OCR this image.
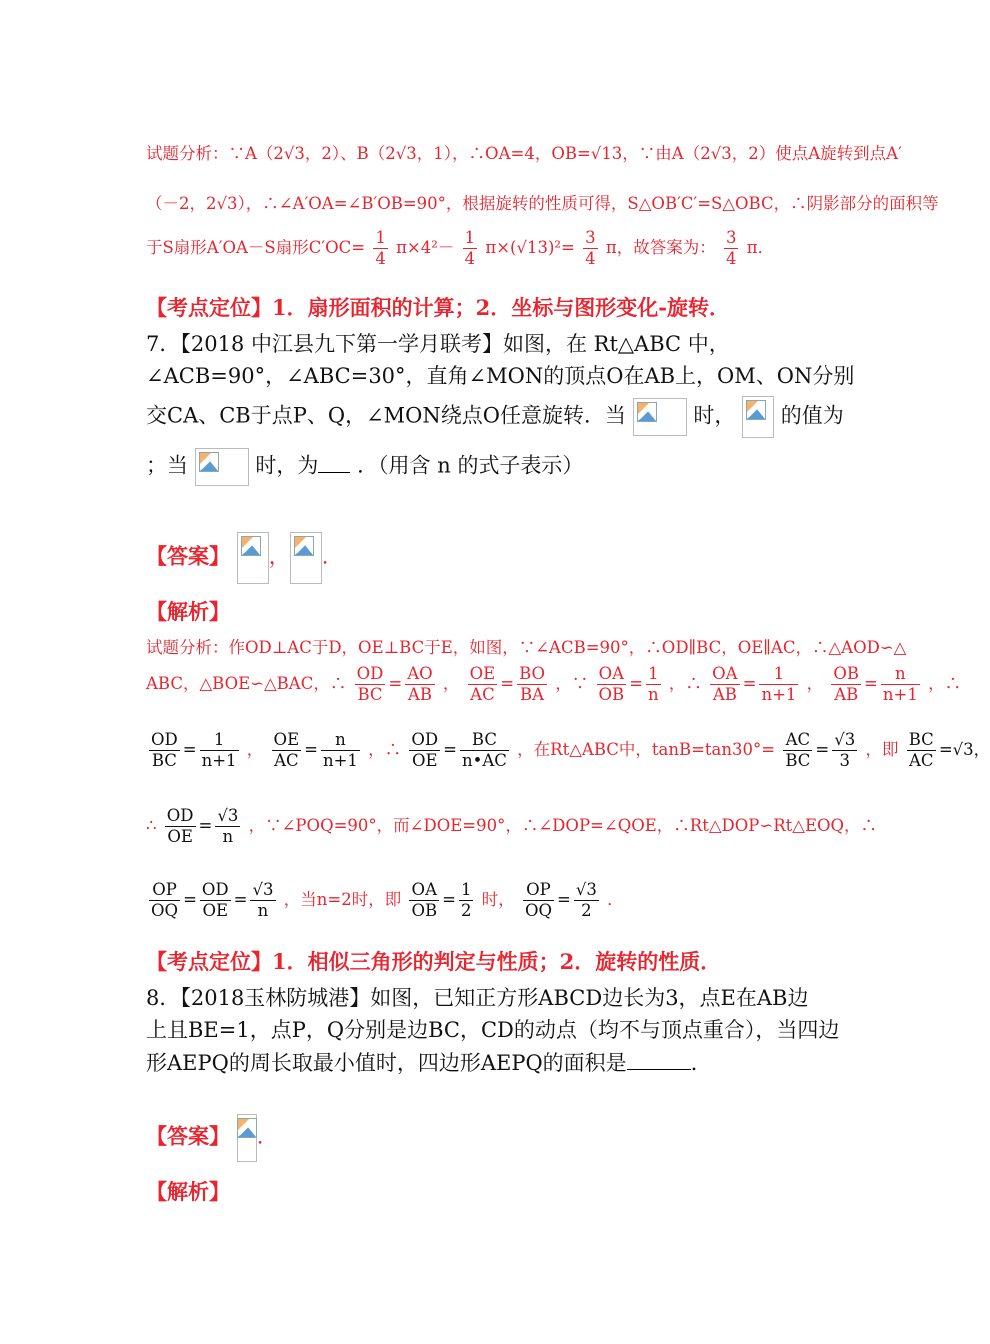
试题分析：∵A（2√3，2）、B（2√3，1），∴OA=4，OB=√13，∵由A（2√3，2）使点A旋转到点A′
（－2，2√3），∴∠A′OA=∠B′OB=90°，根据旋转的性质可得，S△OB′C′=S△OBC，∴阴影部分的面积等
于S扇形A′OA－S扇形$C'OC= \frac{1}{4} \pi\times 4^2- \frac{1}{4} \pi\times(√13)^2= \frac{3}{4}$ π，故答案为： $\frac{3}{4}$ π．
【考点定位】1．扇形面积的计算；2．坐标与图形变化-旋转．
7．【2018 中江县九下第一学月联考】如图，在 Rt△ABC 中，
∠ACB=90°，∠ABC=30°，直角∠MON的顶点O在AB上，OM、ON分别
交CA、CB于点P、Q，∠MON绕点O任意旋转．当	时， 的值为
；当	时，为 ．（用含 n 的式子表示）
【答案】 ， .
【解析】
试题分析：作OD⊥AC于D，OE⊥BC于E，如图，∵∠ACB=90°，∴OD∥BC，OE∥AC，∴△AOD∽△
ABC，△BOE∽△BAC，∴ $\frac{OD}{BC} = \frac{AO}{AB}$ ， $\frac{OE}{AC} = \frac{BO}{BA}$ ，∵ $\frac{OA}{OB} = \frac{1}{n}$ ，∴ $\frac{OA}{AB} = \frac{1}{n+1}$ ， $\frac{OB}{AB} = \frac{n}{n+1}$ ，∴
$\frac{OD}{BC} = \frac{1}{n+1}$ ， $\frac{OE}{AC} = \frac{n}{n+1}$ ，∴ $\frac{OD}{OE} = \frac{BC}{n•AC}$ ，在Rt△ABC中，$\tan B=\tan 30^\circ= \frac{AC}{BC} = \frac{√3}{3}$ ，即 $\frac{BC}{AC} =√3$，
∴ $\frac{OD}{OE} = \frac{√3}{n}$ ，∵∠POQ=90°，而∠DOE=90°，∴∠DOP=∠QOE，∴Rt△DOP∽Rt△EOQ，∴
$\frac{OP}{OQ} = \frac{OD}{OE} = \frac{√3}{n}$ ，当n=2时，即 $\frac{OA}{OB} = \frac{1}{2}$ 时， $\frac{OP}{OQ} = \frac{√3}{2}$ ．
【考点定位】1．相似三角形的判定与性质；2．旋转的性质．
8．【2018玉林防城港】如图，已知正方形ABCD边长为3，点E在AB边
上且BE=1，点P，Q分别是边BC，CD的动点（均不与顶点重合），当四边
形AEPQ的周长取最小值时，四边形AEPQ的面积是	．
【答案】 .
【解析】
